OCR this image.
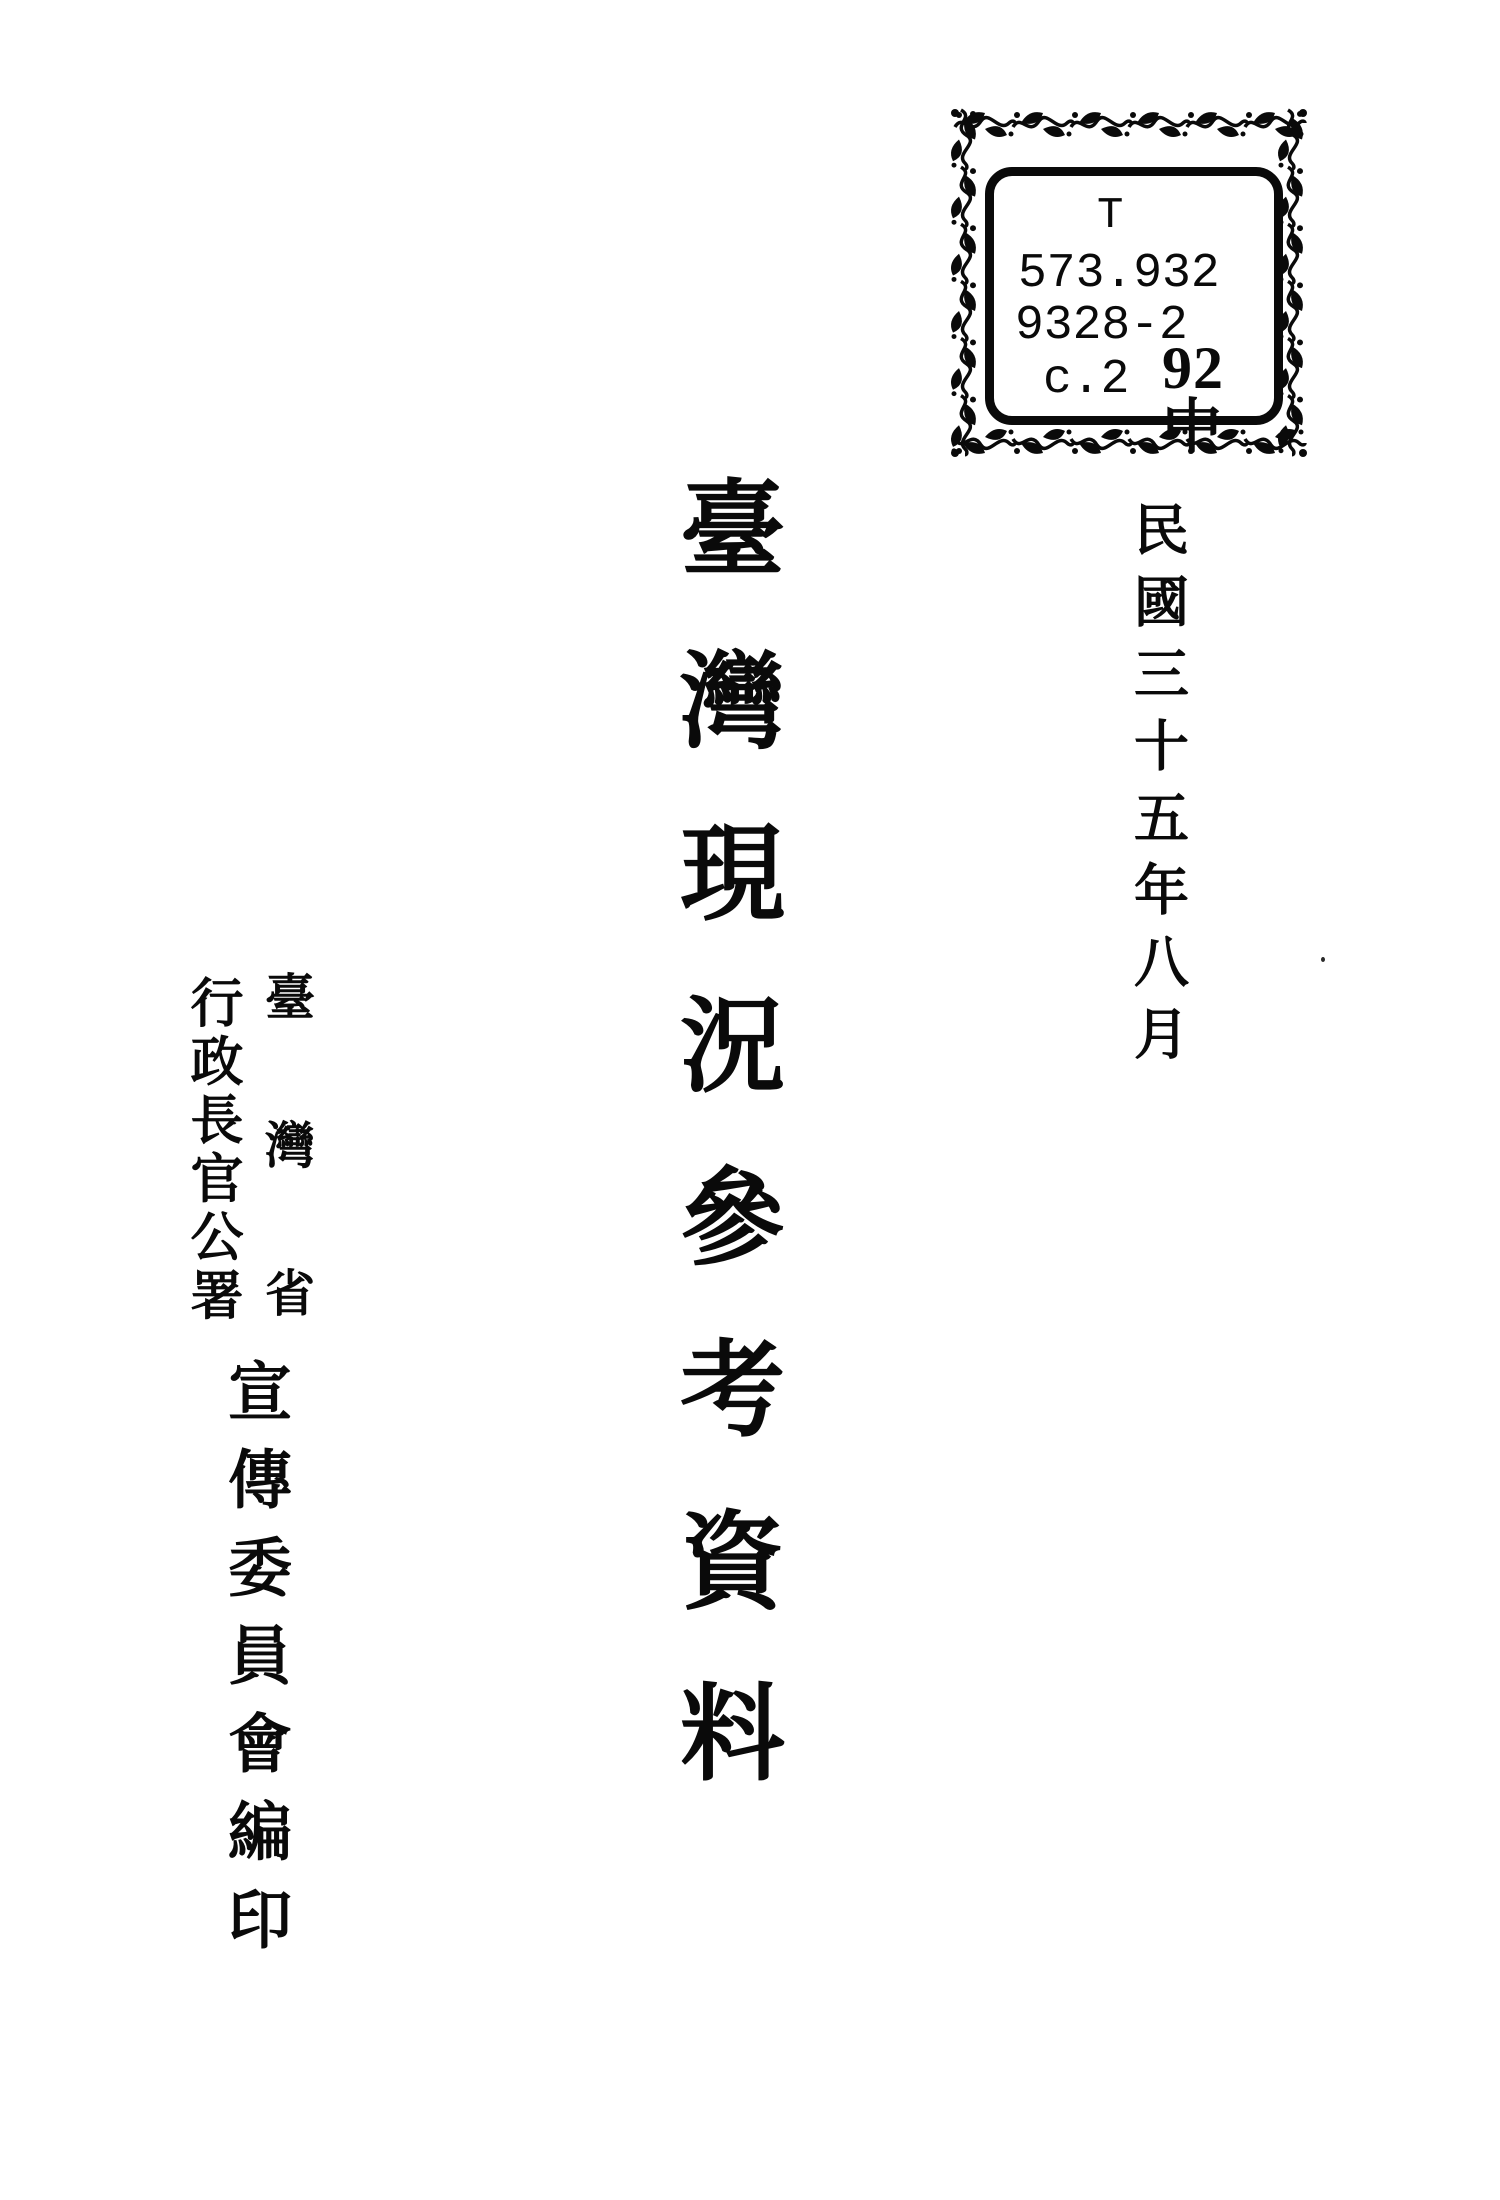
T
573.932
9328-2
c.2 92中
民國三十五年八月
臺灣現況參考資料
臺灣省
行政長官公署
宣傳委員會編印
